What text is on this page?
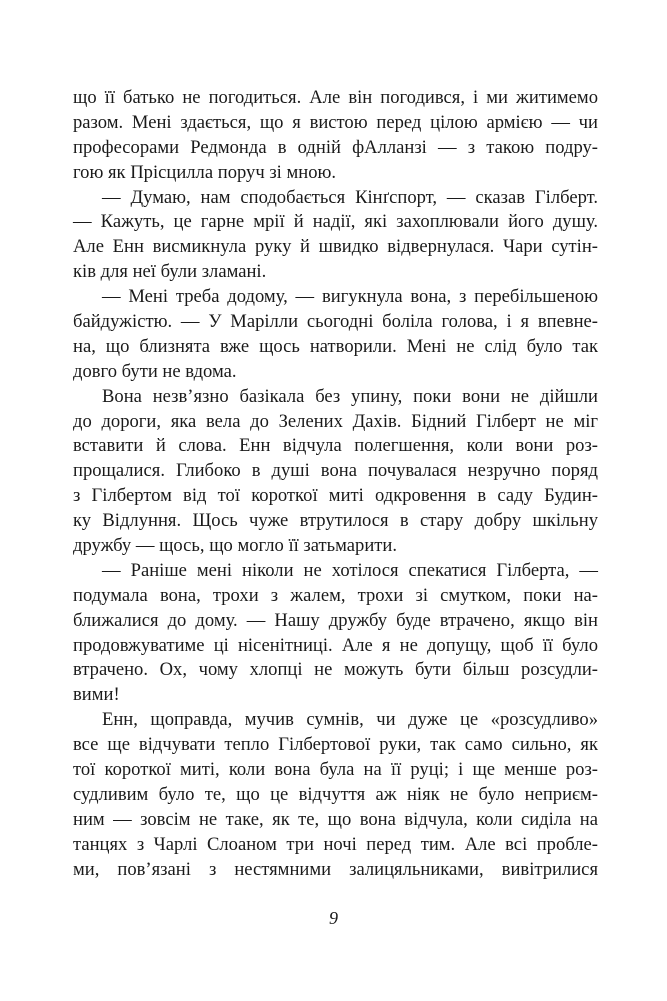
що її батько не погодиться. Але він погодився, і ми житимемо
разом. Мені здається, що я вистою перед цілою армією — чи
професорами Редмонда в одній фАлланзі — з такою подру-
гою як Прісцилла поруч зі мною.
— Думаю, нам сподобається Кінґспорт, — сказав Гілберт.
— Кажуть, це гарне мрії й надії, які захоплювали його душу.
Але Енн висмикнула руку й швидко відвернулася. Чари сутін-
ків для неї були зламані.
— Мені треба додому, — вигукнула вона, з перебільшеною
байдужістю. — У Марілли сьогодні боліла голова, і я впевне-
на, що близнята вже щось натворили. Мені не слід було так
довго бути не вдома.
Вона незв’язно базікала без упину, поки вони не дійшли
до дороги, яка вела до Зелених Дахів. Бідний Гілберт не міг
вставити й слова. Енн відчула полегшення, коли вони роз-
прощалися. Глибоко в душі вона почувалася незручно поряд
з Гілбертом від тої короткої миті одкровення в саду Будин-
ку Відлуння. Щось чуже втрутилося в стару добру шкільну
дружбу — щось, що могло її затьмарити.
— Раніше мені ніколи не хотілося спекатися Гілберта, —
подумала вона, трохи з жалем, трохи зі смутком, поки на-
ближалися до дому. — Нашу дружбу буде втрачено, якщо він
продовжуватиме ці нісенітниці. Але я не допущу, щоб її було
втрачено. Ох, чому хлопці не можуть бути більш розсудли-
вими!
Енн, щоправда, мучив сумнів, чи дуже це «розсудливо»
все ще відчувати тепло Гілбертової руки, так само сильно, як
тої короткої миті, коли вона була на її руці; і ще менше роз-
судливим було те, що це відчуття аж ніяк не було неприєм-
ним — зовсім не таке, як те, що вона відчула, коли сиділа на
танцях з Чарлі Слоаном три ночі перед тим. Але всі пробле-
ми, пов’язані з нестямними залицяльниками, вивітрилися
9
